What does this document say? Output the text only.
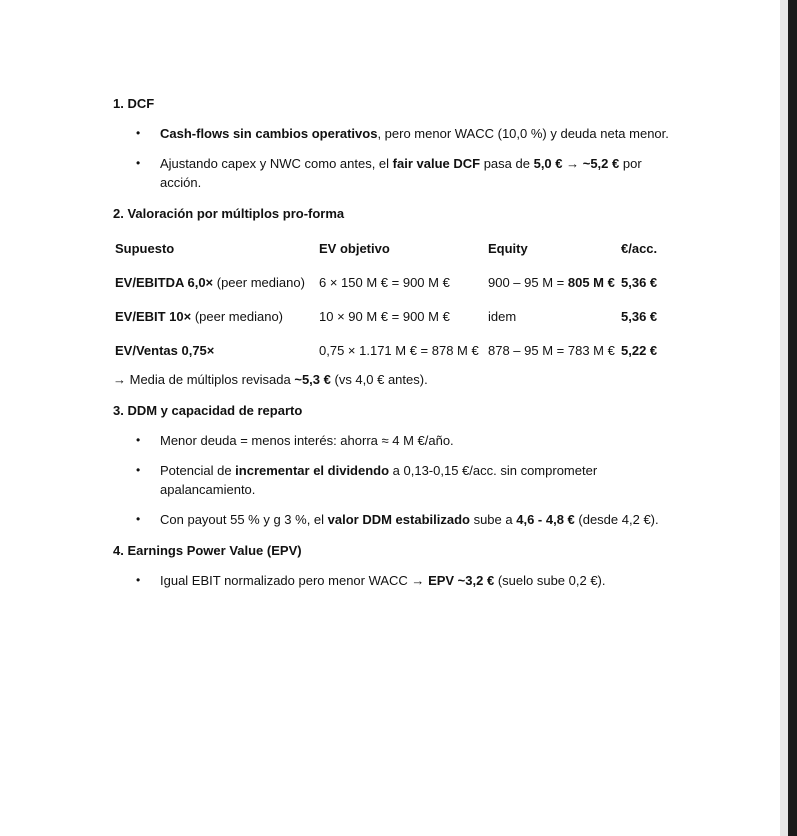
1. DCF
• Cash-flows sin cambios operativos, pero menor WACC (10,0 %) y deuda neta menor.
• Ajustando capex y NWC como antes, el fair value DCF pasa de 5,0 € → ~5,2 € por acción.
2. Valoración por múltiplos pro-forma
Supuesto	EV objetivo	Equity	€/acc.
EV/EBITDA 6,0× (peer mediano)	6 × 150 M € = 900 M €	900 – 95 M = 805 M €	5,36 €
EV/EBIT 10× (peer mediano)	10 × 90 M € = 900 M €	idem	5,36 €
EV/Ventas 0,75×	0,75 × 1.171 M € = 878 M €	878 – 95 M = 783 M €	5,22 €
→ Media de múltiplos revisada ~5,3 € (vs 4,0 € antes).
3. DDM y capacidad de reparto
• Menor deuda = menos interés: ahorra ≈ 4 M €/año.
• Potencial de incrementar el dividendo a 0,13-0,15 €/acc. sin comprometer apalancamiento.
• Con payout 55 % y g 3 %, el valor DDM estabilizado sube a 4,6 - 4,8 € (desde 4,2 €).
4. Earnings Power Value (EPV)
• Igual EBIT normalizado pero menor WACC → EPV ~3,2 € (suelo sube 0,2 €).
